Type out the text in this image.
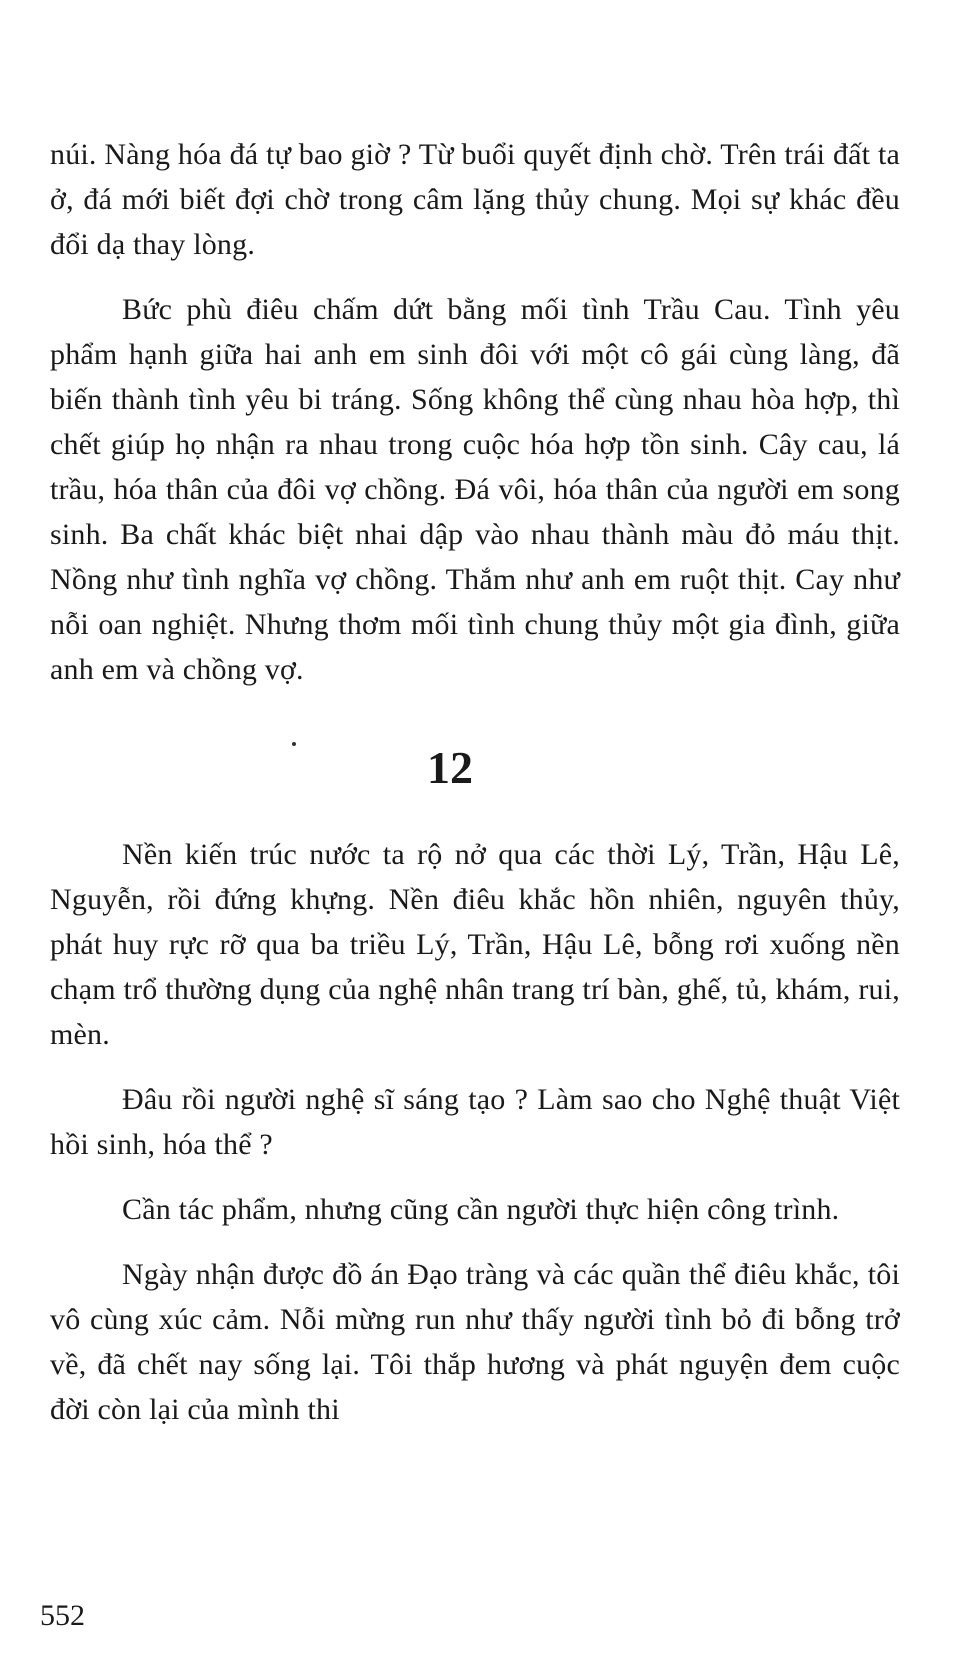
núi. Nàng hóa đá tự bao giờ ? Từ buổi quyết định chờ. Trên trái đất ta ở, đá mới biết đợi chờ trong câm lặng thủy chung. Mọi sự khác đều đổi dạ thay lòng.

Bức phù điêu chấm dứt bằng mối tình Trầu Cau. Tình yêu phẩm hạnh giữa hai anh em sinh đôi với một cô gái cùng làng, đã biến thành tình yêu bi tráng. Sống không thể cùng nhau hòa hợp, thì chết giúp họ nhận ra nhau trong cuộc hóa hợp tồn sinh. Cây cau, lá trầu, hóa thân của đôi vợ chồng. Đá vôi, hóa thân của người em song sinh. Ba chất khác biệt nhai dập vào nhau thành màu đỏ máu thịt. Nồng như tình nghĩa vợ chồng. Thắm như anh em ruột thịt. Cay như nỗi oan nghiệt. Nhưng thơm mối tình chung thủy một gia đình, giữa anh em và chồng vợ.

12

Nền kiến trúc nước ta rộ nở qua các thời Lý, Trần, Hậu Lê, Nguyễn, rồi đứng khựng. Nền điêu khắc hồn nhiên, nguyên thủy, phát huy rực rỡ qua ba triều Lý, Trần, Hậu Lê, bỗng rơi xuống nền chạm trổ thường dụng của nghệ nhân trang trí bàn, ghế, tủ, khám, rui, mèn.

Đâu rồi người nghệ sĩ sáng tạo ? Làm sao cho Nghệ thuật Việt hồi sinh, hóa thể ?

Cần tác phẩm, nhưng cũng cần người thực hiện công trình.

Ngày nhận được đồ án Đạo tràng và các quần thể điêu khắc, tôi vô cùng xúc cảm. Nỗi mừng run như thấy người tình bỏ đi bỗng trở về, đã chết nay sống lại. Tôi thắp hương và phát nguyện đem cuộc đời còn lại của mình thi

552
